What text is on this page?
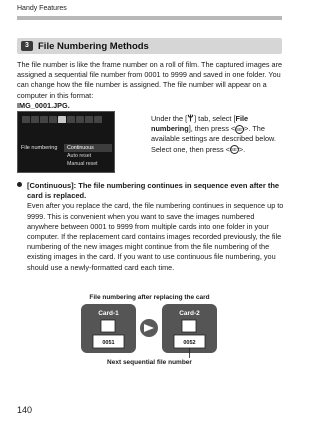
Handy Features
3 File Numbering Methods
The file number is like the frame number on a roll of film. The captured images are assigned a sequential file number from 0001 to 9999 and saved in one folder. You can change how the file number is assigned. The file number will appear on a computer in this format:
IMG_0001.JPG.
File numbering	Continuous
Auto reset
Manual reset
Under the [ ] tab, select [File numbering], then press <SET>. The available settings are described below. Select one, then press <SET>.
[Continuous]: The file numbering continues in sequence even after the card is replaced.
Even after you replace the card, the file numbering continues in sequence up to 9999. This is convenient when you want to save the images numbered anywhere between 0001 to 9999 from multiple cards into one folder in your computer. If the replacement card contains images recorded previously, the file numbering of the new images might continue from the file numbering of the existing images in the card. If you want to use continuous file numbering, you should use a newly-formatted card each time.
File numbering after replacing the card
Card-1
0051
Card-2
0052
Next sequential file number
140
